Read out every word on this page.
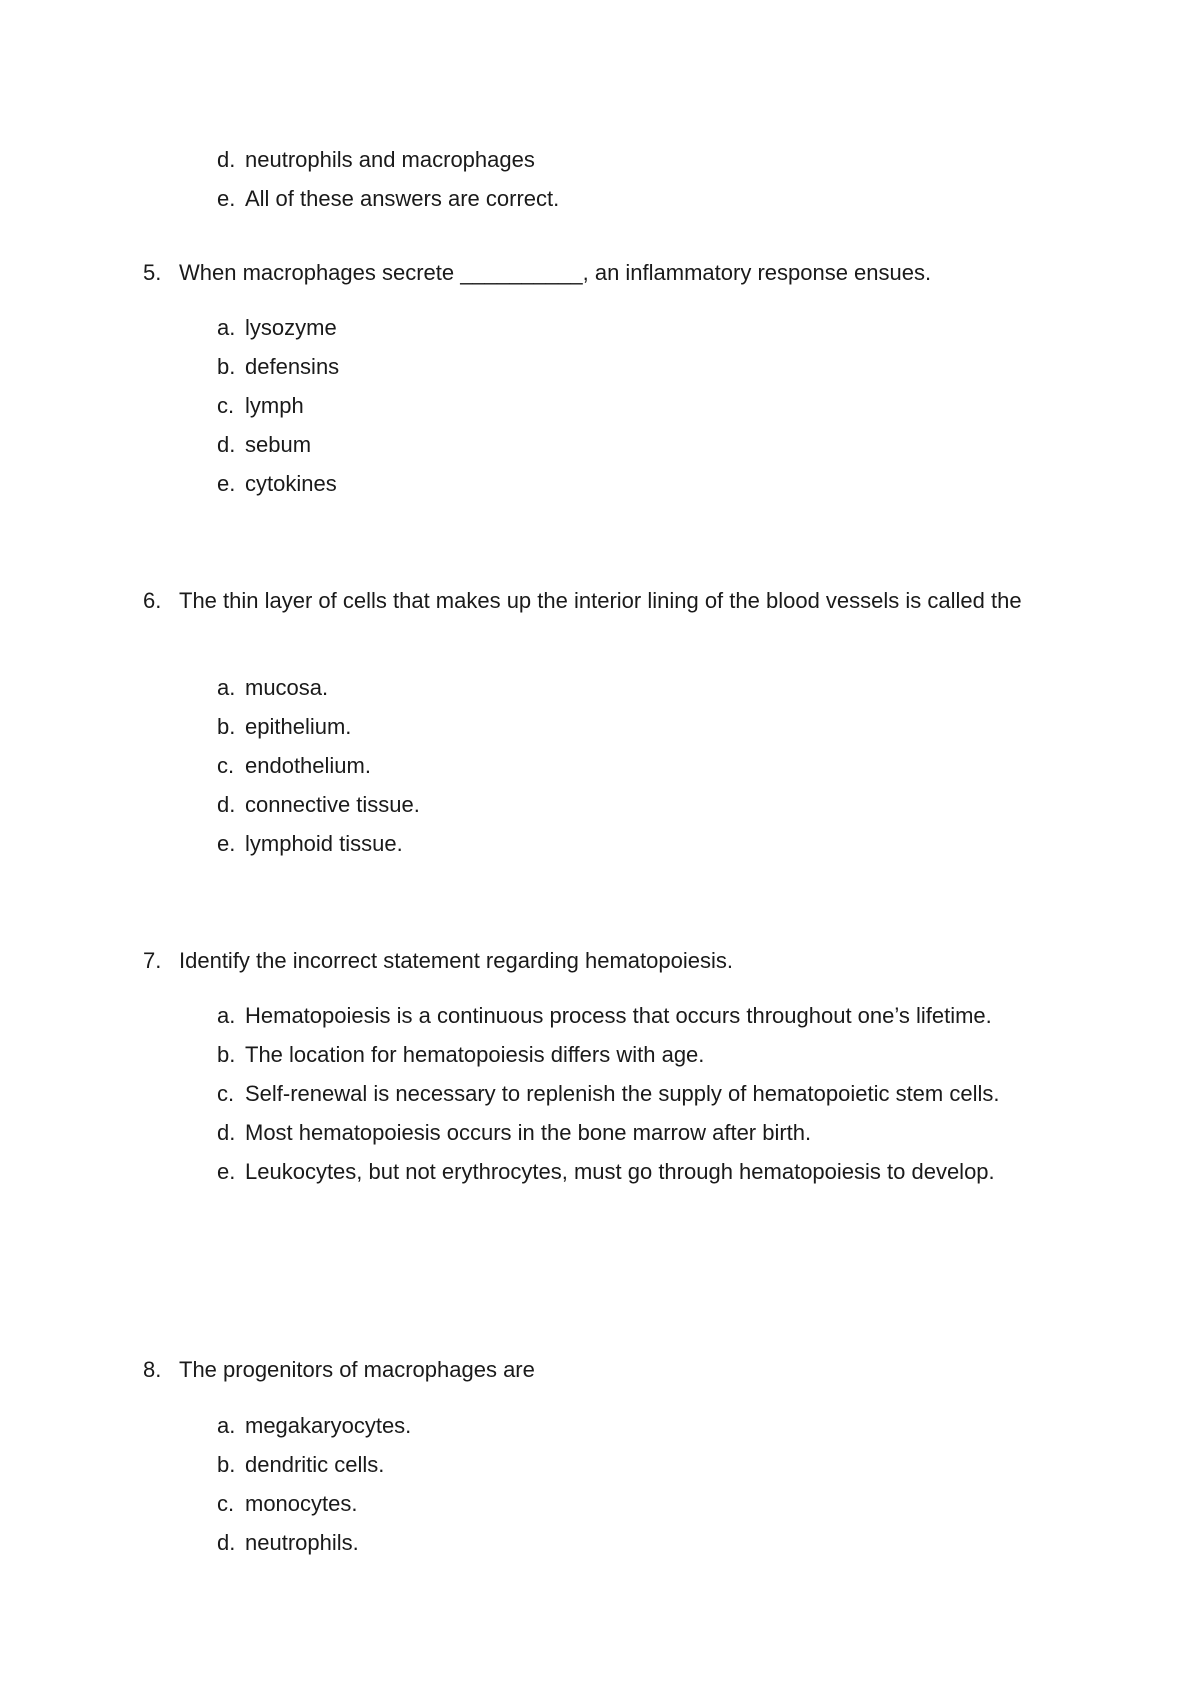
d. neutrophils and macrophages
e. All of these answers are correct.
5. When macrophages secrete __________, an inflammatory response ensues.
a. lysozyme
b. defensins
c. lymph
d. sebum
e. cytokines
6. The thin layer of cells that makes up the interior lining of the blood vessels is called the
a. mucosa.
b. epithelium.
c. endothelium.
d. connective tissue.
e. lymphoid tissue.
7. Identify the incorrect statement regarding hematopoiesis.
a. Hematopoiesis is a continuous process that occurs throughout one’s lifetime.
b. The location for hematopoiesis differs with age.
c. Self-renewal is necessary to replenish the supply of hematopoietic stem cells.
d. Most hematopoiesis occurs in the bone marrow after birth.
e. Leukocytes, but not erythrocytes, must go through hematopoiesis to develop.
8. The progenitors of macrophages are
a. megakaryocytes.
b. dendritic cells.
c. monocytes.
d. neutrophils.
